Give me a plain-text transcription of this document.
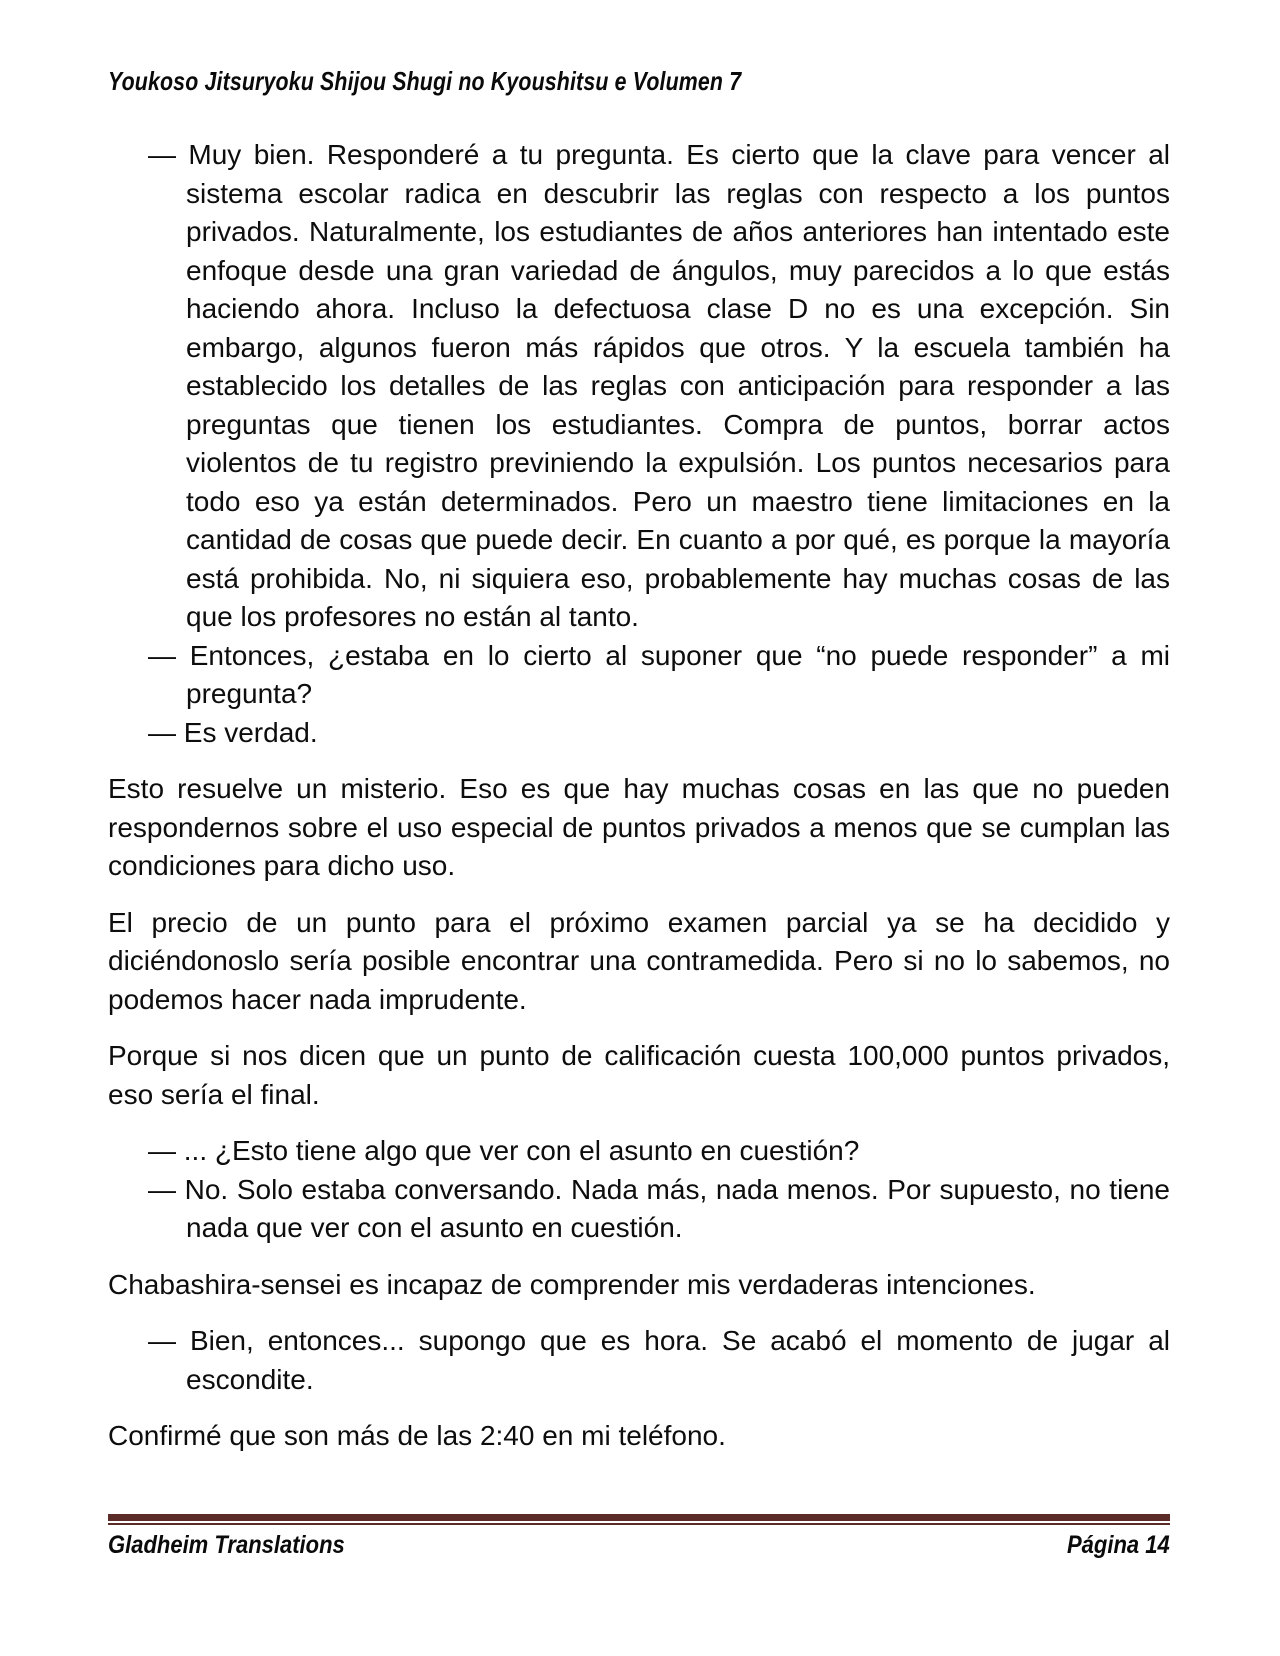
Youkoso Jitsuryoku Shijou Shugi no Kyoushitsu e Volumen 7

— Muy bien. Responderé a tu pregunta. Es cierto que la clave para vencer al sistema escolar radica en descubrir las reglas con respecto a los puntos privados. Naturalmente, los estudiantes de años anteriores han intentado este enfoque desde una gran variedad de ángulos, muy parecidos a lo que estás haciendo ahora. Incluso la defectuosa clase D no es una excepción. Sin embargo, algunos fueron más rápidos que otros. Y la escuela también ha establecido los detalles de las reglas con anticipación para responder a las preguntas que tienen los estudiantes. Compra de puntos, borrar actos violentos de tu registro previniendo la expulsión. Los puntos necesarios para todo eso ya están determinados. Pero un maestro tiene limitaciones en la cantidad de cosas que puede decir. En cuanto a por qué, es porque la mayoría está prohibida. No, ni siquiera eso, probablemente hay muchas cosas de las que los profesores no están al tanto.

— Entonces, ¿estaba en lo cierto al suponer que “no puede responder” a mi pregunta?

— Es verdad.

Esto resuelve un misterio. Eso es que hay muchas cosas en las que no pueden respondernos sobre el uso especial de puntos privados a menos que se cumplan las condiciones para dicho uso.

El precio de un punto para el próximo examen parcial ya se ha decidido y diciéndonoslo sería posible encontrar una contramedida. Pero si no lo sabemos, no podemos hacer nada imprudente.

Porque si nos dicen que un punto de calificación cuesta 100,000 puntos privados, eso sería el final.

— ... ¿Esto tiene algo que ver con el asunto en cuestión?

— No. Solo estaba conversando. Nada más, nada menos. Por supuesto, no tiene nada que ver con el asunto en cuestión.

Chabashira-sensei es incapaz de comprender mis verdaderas intenciones.

— Bien, entonces... supongo que es hora. Se acabó el momento de jugar al escondite.

Confirmé que son más de las 2:40 en mi teléfono.

Gladheim Translations	Página 14
